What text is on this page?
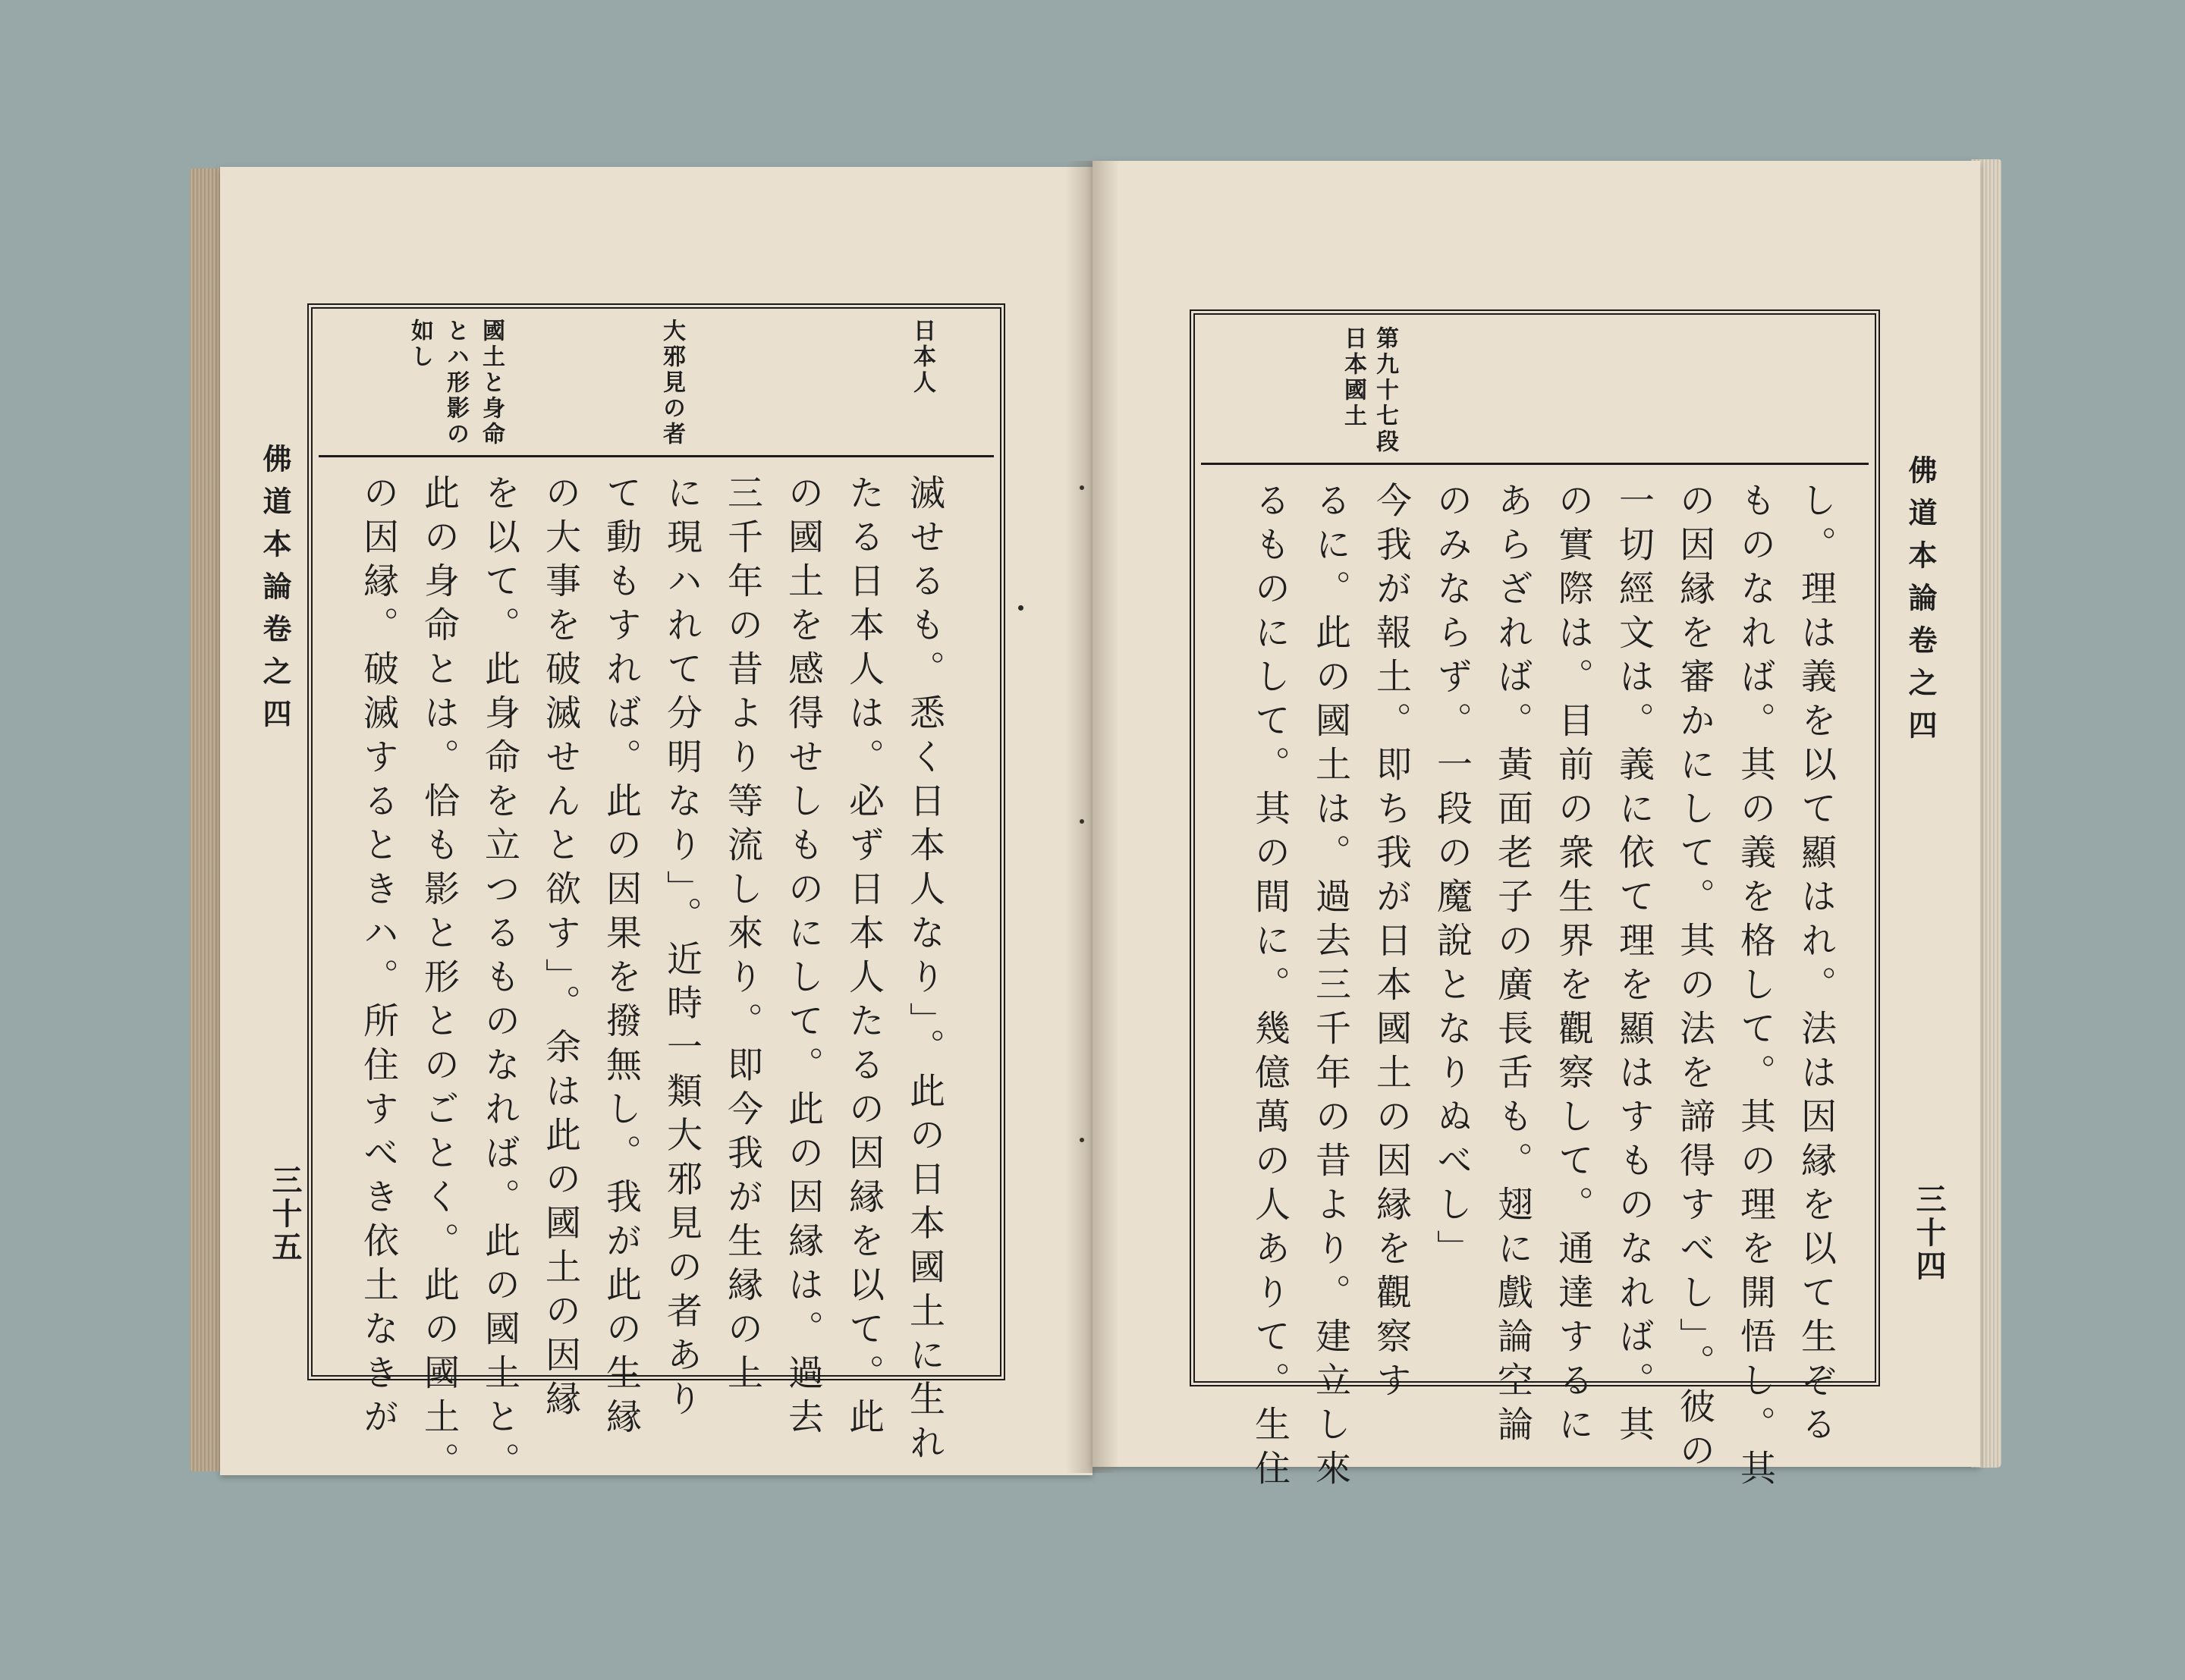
佛道本論卷之四
三十五
日本人
大邪見の者
國土と身命
とハ形影の
如し
滅せるも。悉く日本人なり」。此の日本國土に生れ
たる日本人は。必ず日本人たるの因縁を以て。此
の國土を感得せしものにして。此の因縁は。過去
三千年の昔より等流し來り。即今我が生縁の上
に現ハれて分明なり」。近時一類大邪見の者あり
て動もすれば。此の因果を撥無し。我が此の生縁
の大事を破滅せんと欲す」。余は此の國土の因縁
を以て。此身命を立つるものなれば。此の國土と。
此の身命とは。恰も影と形とのごとく。此の國土。
の因縁。破滅するときハ。所住すべき依土なきが	佛道本論卷之四
三十四
第九十七段
日本國土
し。理は義を以て顯はれ。法は因縁を以て生ぞる
ものなれば。其の義を格して。其の理を開悟し。其
の因縁を審かにして。其の法を諦得すべし」。彼の
一切經文は。義に依て理を顯はすものなれば。其
の實際は。目前の衆生界を觀察して。通達するに
あらざれば。黃面老子の廣長舌も。翅に戲論空論
のみならず。一段の魔說となりぬべし」
今我が報土。即ち我が日本國土の因縁を觀察す
るに。此の國土は。過去三千年の昔より。建立し來
るものにして。其の間に。幾億萬の人ありて。生住
